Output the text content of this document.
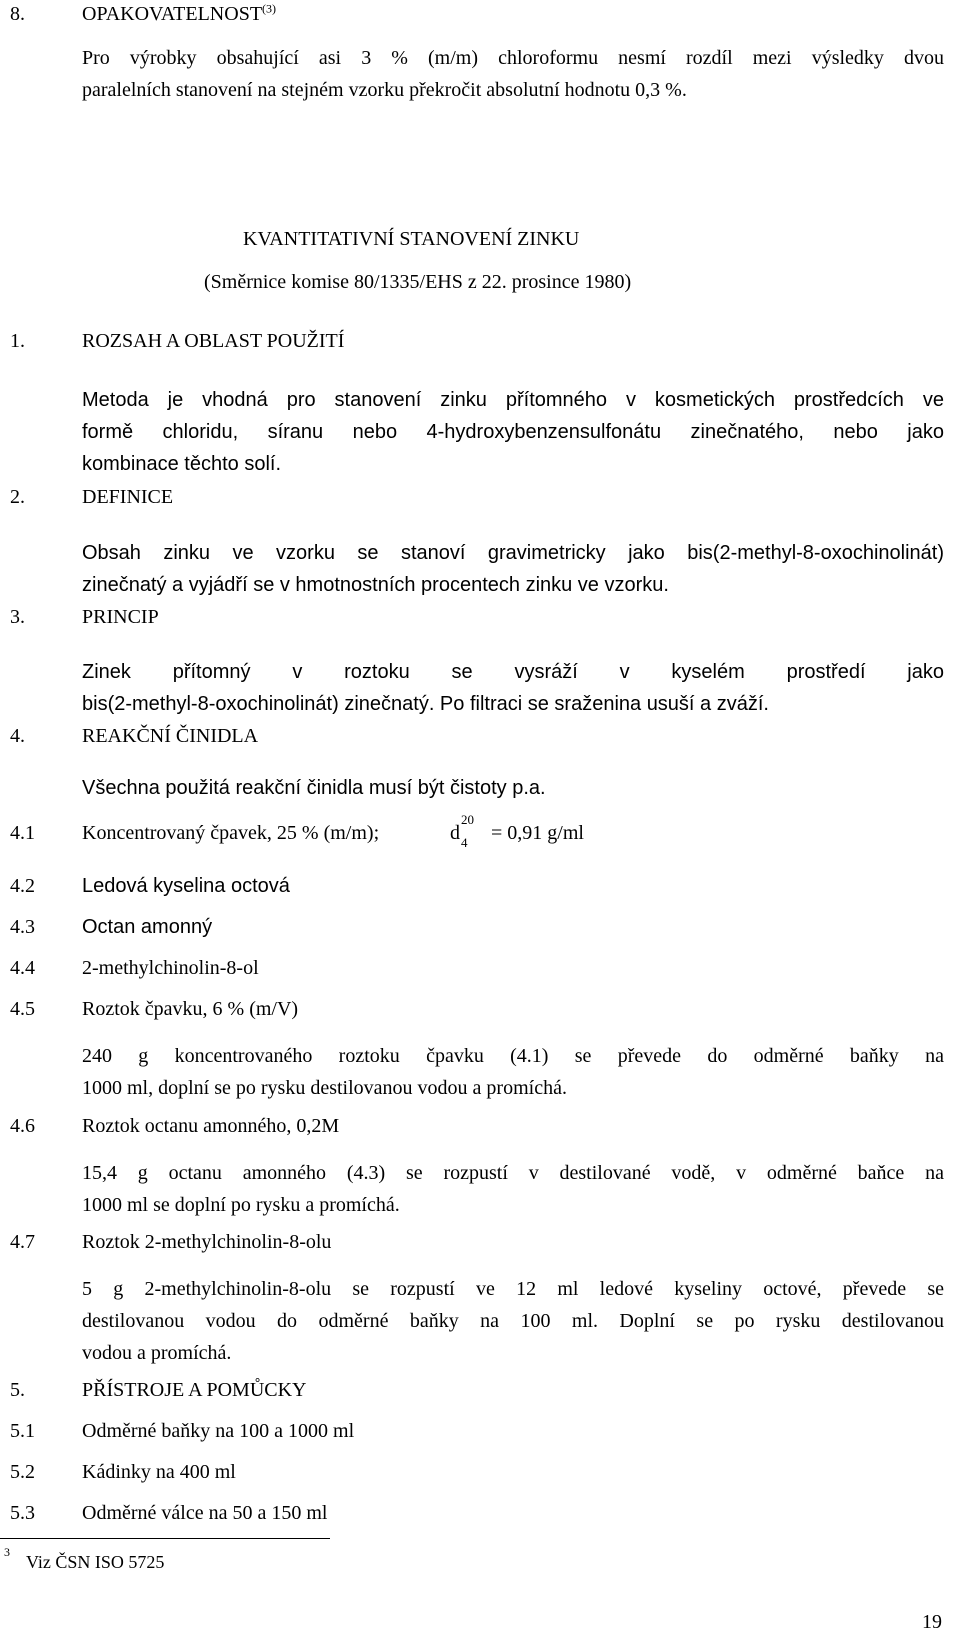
8.	OPAKOVATELNOST$^{(3)}$
Pro výrobky obsahující asi 3 % (m/m) chloroformu nesmí rozdíl mezi výsledky dvou
paralelních stanovení na stejném vzorku překročit absolutní hodnotu 0,3 %.
KVANTITATIVNÍ STANOVENÍ ZINKU
(Směrnice komise 80/1335/EHS z 22. prosince 1980)
1.	ROZSAH A OBLAST POUŽITÍ
Metoda je vhodná pro stanovení zinku přítomného v kosmetických prostředcích ve
formě chloridu, síranu nebo 4-hydroxybenzensulfonátu zinečnatého, nebo jako
kombinace těchto solí.
2.	DEFINICE
Obsah zinku ve vzorku se stanoví gravimetricky jako bis(2-methyl-8-oxochinolinát)
zinečnatý a vyjádří se v hmotnostních procentech zinku ve vzorku.
3.	PRINCIP
Zinek přítomný v roztoku se vysráží v kyselém prostředí jako
bis(2-methyl-8-oxochinolinát) zinečnatý. Po filtraci se sraženina usuší a zváží.
4.	REAKČNÍ ČINIDLA
Všechna použitá reakční činidla musí být čistoty p.a.
4.1 Koncentrovaný čpavek, 25 % (m/m);	d
20
4 = 0,91 g/ml
4.2 Ledová kyselina octová
4.3 Octan amonný
4.4 2-methylchinolin-8-ol
4.5 Roztok čpavku, 6 % (m/V)
240 g koncentrovaného roztoku čpavku (4.1) se převede do odměrné baňky na
1000 ml, doplní se po rysku destilovanou vodou a promíchá.
4.6 Roztok octanu amonného, 0,2M
15,4 g octanu amonného (4.3) se rozpustí v destilované vodě, v odměrné baňce na
1000 ml se doplní po rysku a promíchá.
4.7 Roztok 2-methylchinolin-8-olu
5 g 2-methylchinolin-8-olu se rozpustí ve 12 ml ledové kyseliny octové, převede se
destilovanou vodou do odměrné baňky na 100 ml. Doplní se po rysku destilovanou
vodou a promíchá.
5.	PŘÍSTROJE A POMŮCKY
5.1 Odměrné baňky na 100 a 1000 ml
5.2 Kádinky na 400 ml
5.3 Odměrné válce na 50 a 150 ml
3 Viz ČSN ISO 5725
19
